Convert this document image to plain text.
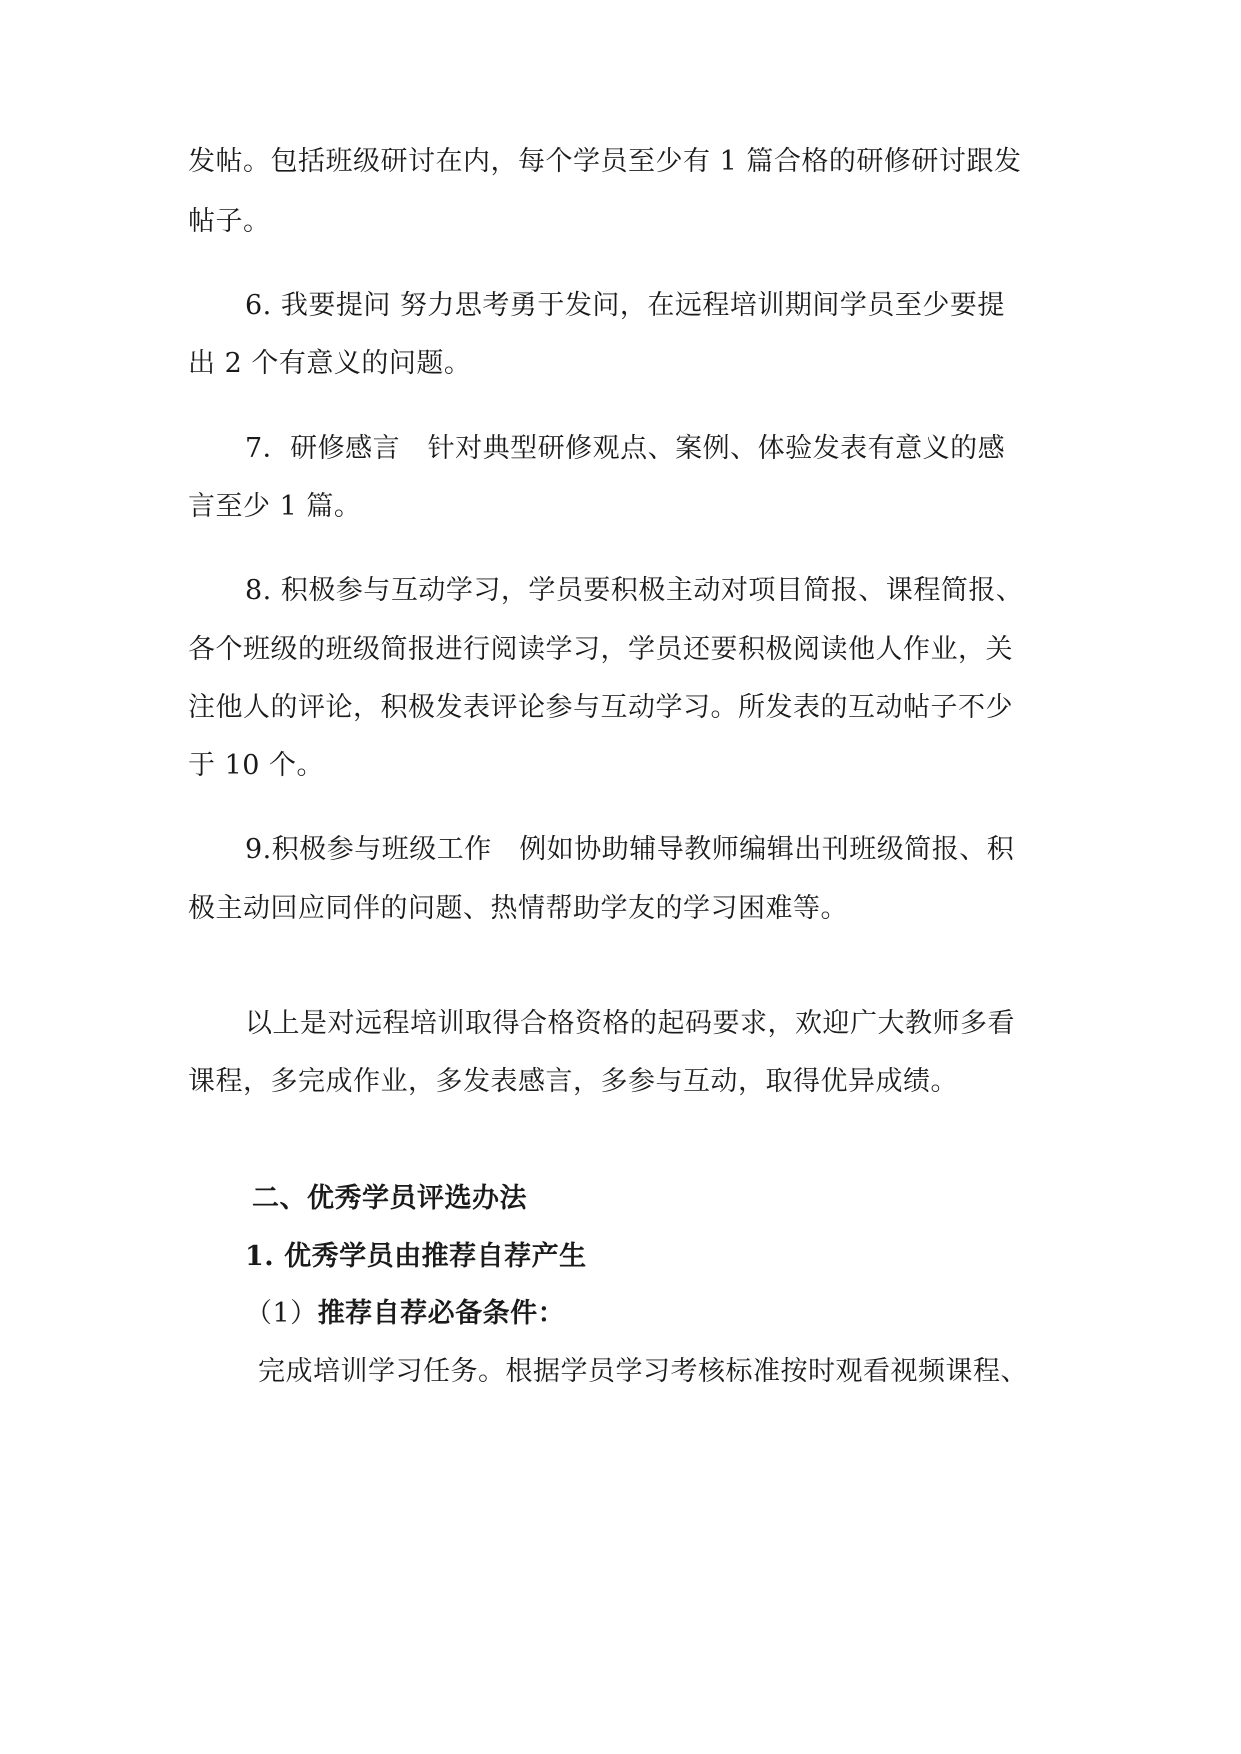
发帖。包括班级研讨在内，每个学员至少有 1 篇合格的研修研讨跟发
帖子。
6. 我要提问 努力思考勇于发问，在远程培训期间学员至少要提
出 2 个有意义的问题。
7．研修感言　针对典型研修观点、案例、体验发表有意义的感
言至少 1 篇。
8. 积极参与互动学习，学员要积极主动对项目简报、课程简报、
各个班级的班级简报进行阅读学习，学员还要积极阅读他人作业，关
注他人的评论，积极发表评论参与互动学习。所发表的互动帖子不少
于 10 个。
9.积极参与班级工作　例如协助辅导教师编辑出刊班级简报、积
极主动回应同伴的问题、热情帮助学友的学习困难等。
以上是对远程培训取得合格资格的起码要求，欢迎广大教师多看
课程，多完成作业，多发表感言，多参与互动，取得优异成绩。
二、优秀学员评选办法
1. 优秀学员由推荐自荐产生
（1）推荐自荐必备条件：
完成培训学习任务。根据学员学习考核标准按时观看视频课程、
